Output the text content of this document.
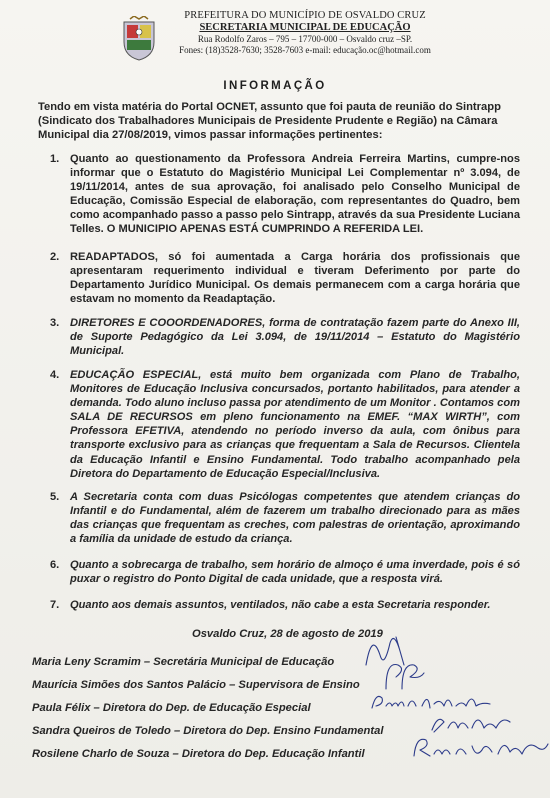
PREFEITURA DO MUNICÍPIO DE OSVALDO CRUZ
SECRETARIA MUNICIPAL DE EDUCAÇÃO
Rua Rodolfo Zaros – 795 – 17700-000 – Osvaldo cruz –SP.
Fones: (18)3528-7630; 3528-7603 e-mail: educação.oc@hotmail.com
INFORMAÇÃO
Tendo em vista matéria do Portal OCNET, assunto que foi pauta de reunião do Sintrapp (Sindicato dos Trabalhadores Municipais de Presidente Prudente e Região) na Câmara Municipal dia 27/08/2019, vimos passar informações pertinentes:
1. Quanto ao questionamento da Professora Andreia Ferreira Martins, cumpre-nos informar que o Estatuto do Magistério Municipal Lei Complementar nº 3.094, de 19/11/2014, antes de sua aprovação, foi analisado pelo Conselho Municipal de Educação, Comissão Especial de elaboração, com representantes do Quadro, bem como acompanhado passo a passo pelo Sintrapp, através da sua Presidente Luciana Telles. O MUNICIPIO APENAS ESTÁ CUMPRINDO A REFERIDA LEI.
2. READAPTADOS, só foi aumentada a Carga horária dos profissionais que apresentaram requerimento individual e tiveram Deferimento por parte do Departamento Jurídico Municipal. Os demais permanecem com a carga horária que estavam no momento da Readaptação.
3. DIRETORES E COOORDENADORES, forma de contratação fazem parte do Anexo III, de Suporte Pedagógico da Lei 3.094, de 19/11/2014 – Estatuto do Magistério Municipal.
4. EDUCAÇÃO ESPECIAL, está muito bem organizada com Plano de Trabalho, Monitores de Educação Inclusiva concursados, portanto habilitados, para atender a demanda. Todo aluno incluso passa por atendimento de um Monitor . Contamos com SALA DE RECURSOS em pleno funcionamento na EMEF. “MAX WIRTH”, com Professora EFETIVA, atendendo no período inverso da aula, com ônibus para transporte exclusivo para as crianças que frequentam a Sala de Recursos. Clientela da Educação Infantil e Ensino Fundamental. Todo trabalho acompanhado pela Diretora do Departamento de Educação Especial/Inclusiva.
5. A Secretaria conta com duas Psicólogas competentes que atendem crianças do Infantil e do Fundamental, além de fazerem um trabalho direcionado para as mães das crianças que frequentam as creches, com palestras de orientação, aproximando a família da unidade de estudo da criança.
6. Quanto a sobrecarga de trabalho, sem horário de almoço é uma inverdade, pois é só puxar o registro do Ponto Digital de cada unidade, que a resposta virá.
7. Quanto aos demais assuntos, ventilados, não cabe a esta Secretaria responder.
Osvaldo Cruz, 28 de agosto de 2019
Maria Leny Scramim – Secretária Municipal de Educação
Maurícia Simões dos Santos Palácio – Supervisora de Ensino
Paula Félix – Diretora do Dep. de Educação Especial
Sandra Queiros de Toledo – Diretora do Dep. Ensino Fundamental
Rosilene Charlo de Souza – Diretora do Dep. Educação Infantil
